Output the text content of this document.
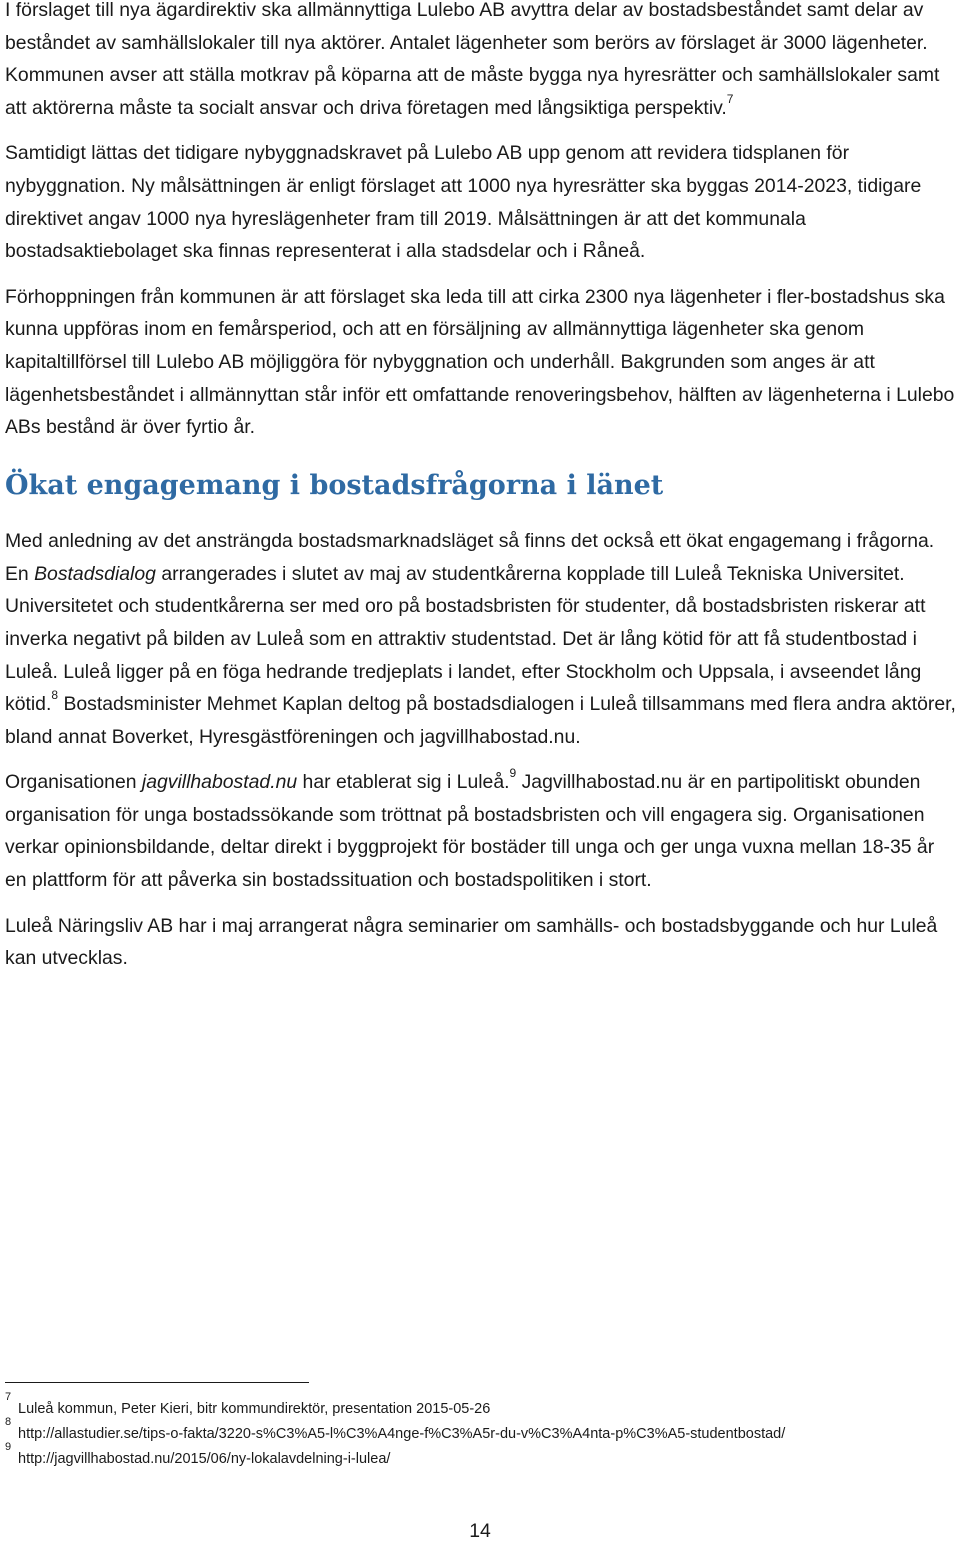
I förslaget till nya ägardirektiv ska allmännyttiga Lulebo AB avyttra delar av bostadsbeståndet samt delar av beståndet av samhällslokaler till nya aktörer. Antalet lägenheter som berörs av förslaget är 3000 lägenheter. Kommunen avser att ställa motkrav på köparna att de måste bygga nya hyresrätter och samhällslokaler samt att aktörerna måste ta socialt ansvar och driva företagen med långsiktiga perspektiv.$^7$

Samtidigt lättas det tidigare nybyggnadskravet på Lulebo AB upp genom att revidera tidsplanen för nybyggnation. Ny målsättningen är enligt förslaget att 1000 nya hyresrätter ska byggas 2014-2023, tidigare direktivet angav 1000 nya hyreslägenheter fram till 2019. Målsättningen är att det kommunala bostadsaktiebolaget ska finnas representerat i alla stadsdelar och i Råneå.

Förhoppningen från kommunen är att förslaget ska leda till att cirka 2300 nya lägenheter i fler-bostadshus ska kunna uppföras inom en femårsperiod, och att en försäljning av allmännyttiga lägenheter ska genom kapitaltillförsel till Lulebo AB möjliggöra för nybyggnation och underhåll. Bakgrunden som anges är att lägenhetsbeståndet i allmännyttan står inför ett omfattande renoveringsbehov, hälften av lägenheterna i Lulebo ABs bestånd är över fyrtio år.

Ökat engagemang i bostadsfrågorna i länet

Med anledning av det ansträngda bostadsmarknadsläget så finns det också ett ökat engagemang i frågorna. En Bostadsdialog arrangerades i slutet av maj av studentkårerna kopplade till Luleå Tekniska Universitet. Universitetet och studentkårerna ser med oro på bostadsbristen för studenter, då bostadsbristen riskerar att inverka negativt på bilden av Luleå som en attraktiv studentstad. Det är lång kötid för att få studentbostad i Luleå. Luleå ligger på en föga hedrande tredjeplats i landet, efter Stockholm och Uppsala, i avseendet lång kötid.$^8$ Bostadsminister Mehmet Kaplan deltog på bostadsdialogen i Luleå tillsammans med flera andra aktörer, bland annat Boverket, Hyresgästföreningen och jagvillhabostad.nu.

Organisationen jagvillhabostad.nu har etablerat sig i Luleå.$^9$ Jagvillhabostad.nu är en partipolitiskt obunden organisation för unga bostadssökande som tröttnat på bostadsbristen och vill engagera sig. Organisationen verkar opinionsbildande, deltar direkt i byggprojekt för bostäder till unga och ger unga vuxna mellan 18-35 år en plattform för att påverka sin bostadssituation och bostadspolitiken i stort.

Luleå Näringsliv AB har i maj arrangerat några seminarier om samhälls- och bostadsbyggande och hur Luleå kan utvecklas.

7
Luleå kommun, Peter Kieri, bitr kommundirektör, presentation 2015-05-26
8
http://allastudier.se/tips-o-fakta/3220-s%C3%A5-l%C3%A4nge-f%C3%A5r-du-v%C3%A4nta-p%C3%A5-studentbostad/
9
http://jagvillhabostad.nu/2015/06/ny-lokalavdelning-i-lulea/
14
